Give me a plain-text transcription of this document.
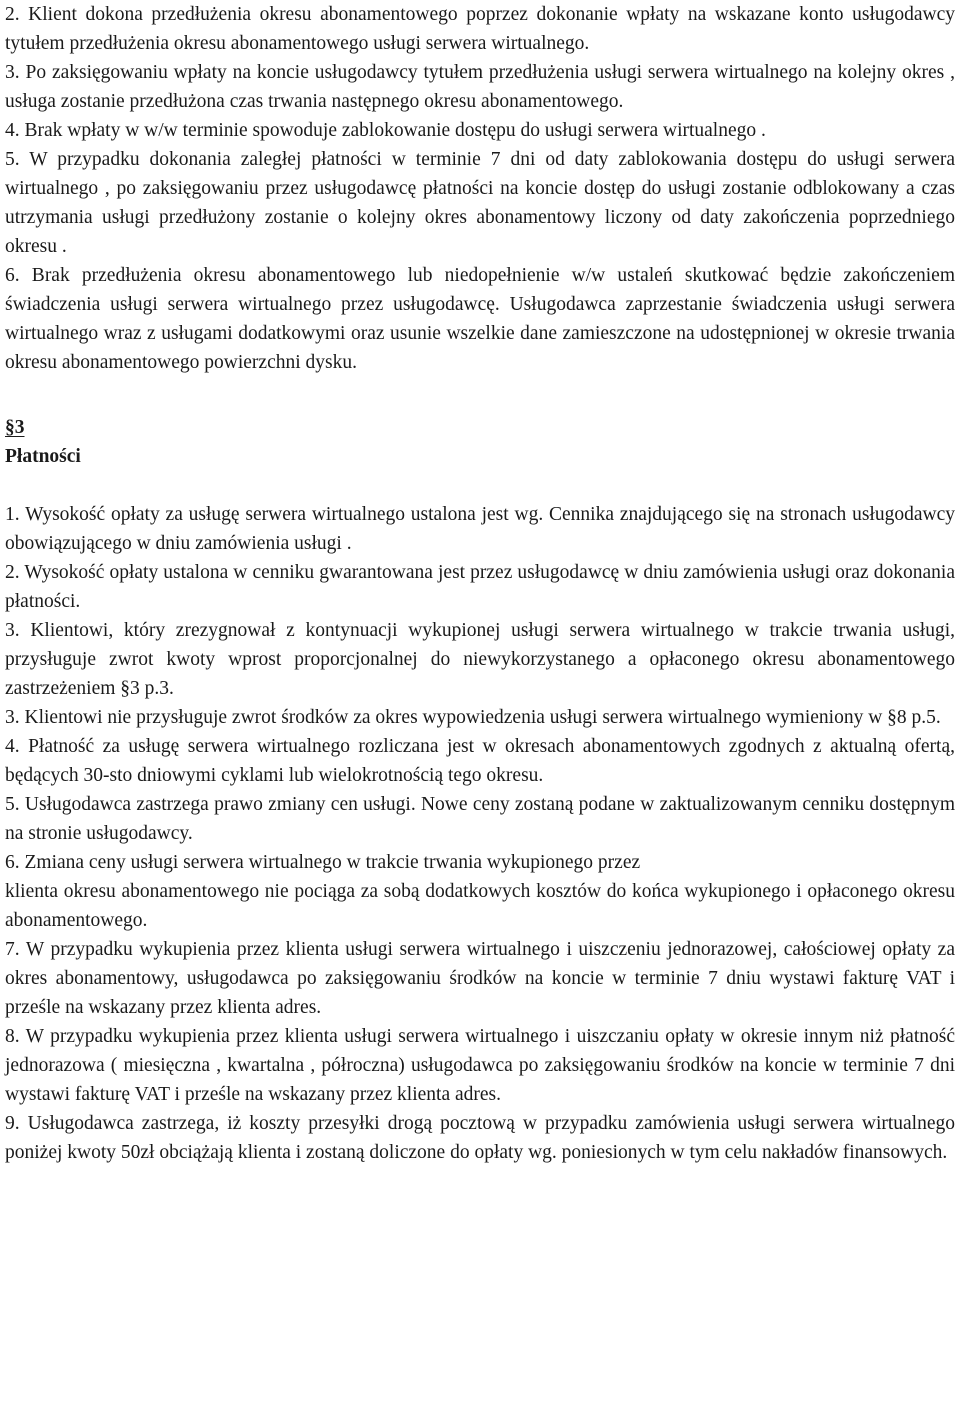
2. Klient dokona przedłużenia okresu abonamentowego poprzez dokonanie wpłaty na wskazane konto usługodawcy tytułem przedłużenia okresu abonamentowego usługi serwera wirtualnego.

3. Po zaksięgowaniu wpłaty na koncie usługodawcy tytułem przedłużenia usługi serwera wirtualnego na kolejny okres , usługa zostanie przedłużona czas trwania następnego okresu abonamentowego.

4. Brak wpłaty w w/w terminie spowoduje zablokowanie dostępu do usługi serwera wirtualnego .

5. W przypadku dokonania zaległej płatności w terminie 7 dni od daty zablokowania dostępu do usługi serwera wirtualnego , po zaksięgowaniu przez usługodawcę płatności na koncie dostęp do usługi zostanie odblokowany a czas utrzymania usługi przedłużony zostanie o kolejny okres abonamentowy liczony od daty zakończenia poprzedniego okresu .

6. Brak przedłużenia okresu abonamentowego lub niedopełnienie w/w ustaleń skutkować będzie zakończeniem świadczenia usługi serwera wirtualnego przez usługodawcę. Usługodawca zaprzestanie świadczenia usługi serwera wirtualnego wraz z usługami dodatkowymi oraz usunie wszelkie dane zamieszczone na udostępnionej w okresie trwania okresu abonamentowego powierzchni dysku.

§3

Płatności

1. Wysokość opłaty za usługę serwera wirtualnego ustalona jest wg. Cennika znajdującego się na stronach usługodawcy obowiązującego w dniu zamówienia usługi .

2. Wysokość opłaty ustalona w cenniku gwarantowana jest przez usługodawcę w dniu zamówienia usługi oraz dokonania płatności.

3. Klientowi, który zrezygnował z kontynuacji wykupionej usługi serwera wirtualnego w trakcie trwania usługi, przysługuje zwrot kwoty wprost proporcjonalnej do niewykorzystanego a opłaconego okresu abonamentowego zastrzeżeniem §3 p.3.

3. Klientowi nie przysługuje zwrot środków za okres wypowiedzenia usługi serwera wirtualnego wymieniony w §8 p.5.

4. Płatność za usługę serwera wirtualnego rozliczana jest w okresach abonamentowych zgodnych z aktualną ofertą, będących 30-sto dniowymi cyklami lub wielokrotnością tego okresu.

5. Usługodawca zastrzega prawo zmiany cen usługi. Nowe ceny zostaną podane w zaktualizowanym cenniku dostępnym na stronie usługodawcy.

6. Zmiana ceny usługi serwera wirtualnego w trakcie trwania wykupionego przez

klienta okresu abonamentowego nie pociąga za sobą dodatkowych kosztów do końca wykupionego i opłaconego okresu abonamentowego.

7. W przypadku wykupienia przez klienta usługi serwera wirtualnego i uiszczeniu jednorazowej, całościowej opłaty za okres abonamentowy, usługodawca po zaksięgowaniu środków na koncie w terminie 7 dniu wystawi fakturę VAT i prześle na wskazany przez klienta adres.

8. W przypadku wykupienia przez klienta usługi serwera wirtualnego i uiszczaniu opłaty w okresie innym niż płatność jednorazowa ( miesięczna , kwartalna , półroczna) usługodawca po zaksięgowaniu środków na koncie w terminie 7 dni wystawi fakturę VAT i prześle na wskazany przez klienta adres.

9. Usługodawca zastrzega, iż koszty przesyłki drogą pocztową w przypadku zamówienia usługi serwera wirtualnego poniżej kwoty 50zł obciążają klienta i zostaną doliczone do opłaty wg. poniesionych w tym celu nakładów finansowych.
